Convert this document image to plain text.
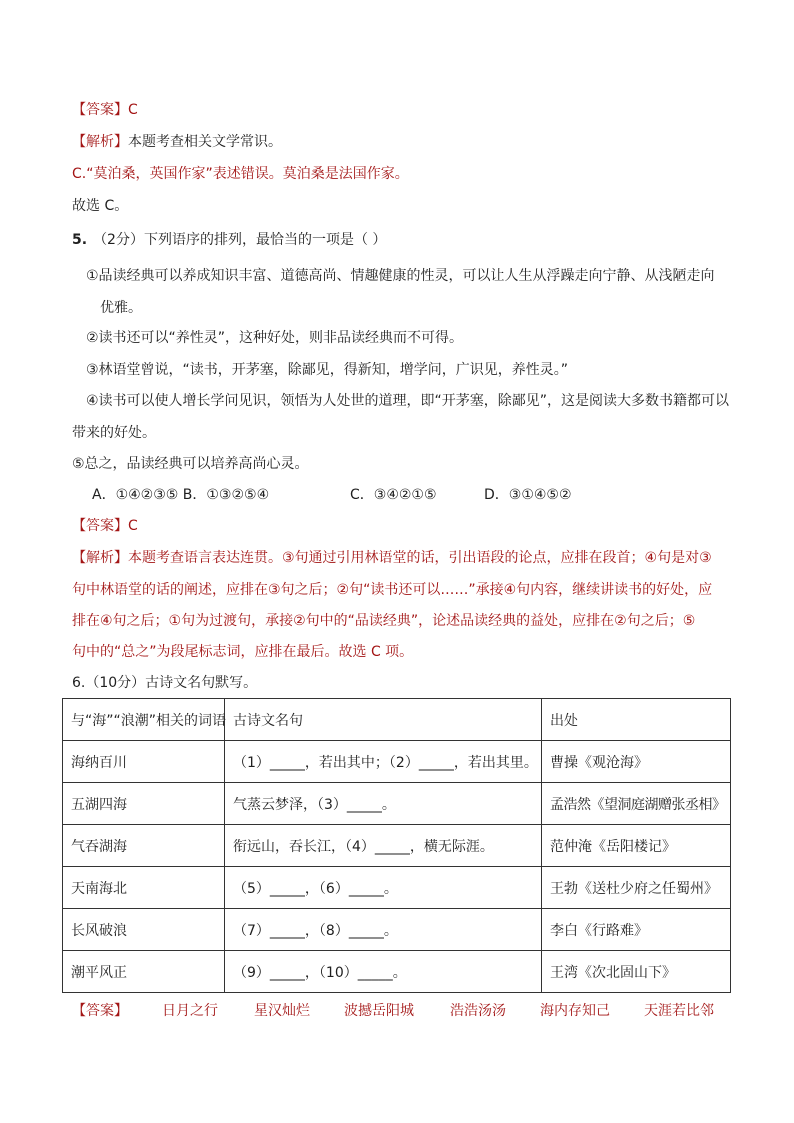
【答案】C
【解析】本题考查相关文学常识。
C.“莫泊桑，英国作家”表述错误。莫泊桑是法国作家。
故选 C。
5. （2分）下列语序的排列，最恰当的一项是（ ）
①品读经典可以养成知识丰富、道德高尚、情趣健康的性灵，可以让人生从浮躁走向宁静、从浅陋走向
优雅。
②读书还可以“养性灵”，这种好处，则非品读经典而不可得。
③林语堂曾说，“读书，开茅塞，除鄙见，得新知，增学问，广识见，养性灵。”
④读书可以使人增长学问见识，领悟为人处世的道理，即“开茅塞，除鄙见”，这是阅读大多数书籍都可以
带来的好处。
⑤总之，品读经典可以培养高尚心灵。
A．①④②③⑤ B．①③②⑤④	C．③④②①⑤	D．③①④⑤②
【答案】C
【解析】本题考查语言表达连贯。③句通过引用林语堂的话，引出语段的论点，应排在段首；④句是对③
句中林语堂的话的阐述，应排在③句之后；②句“读书还可以……”承接④句内容，继续讲读书的好处，应
排在④句之后；①句为过渡句，承接②句中的“品读经典”，论述品读经典的益处，应排在②句之后；⑤
句中的“总之”为段尾标志词，应排在最后。故选 C 项。
6.（10分）古诗文名句默写。
与“海”“浪潮”相关的词语	古诗文名句	出处
海纳百川	（1）_____，若出其中；（2）_____，若出其里。	曹操《观沧海》
五湖四海	气蒸云梦泽，（3）_____。	孟浩然《望洞庭湖赠张丞相》
气吞湖海	衔远山，吞长江，（4）_____，横无际涯。	范仲淹《岳阳楼记》
天南海北	（5）_____，（6）_____。	王勃《送杜少府之任蜀州》
长风破浪	（7）_____，（8）_____。	李白《行路难》
潮平风正	（9）_____，（10）_____。	王湾《次北固山下》
【答案】 日月之行	星汉灿烂 波撼岳阳城	浩浩汤汤 海内存知己 天涯若比邻
